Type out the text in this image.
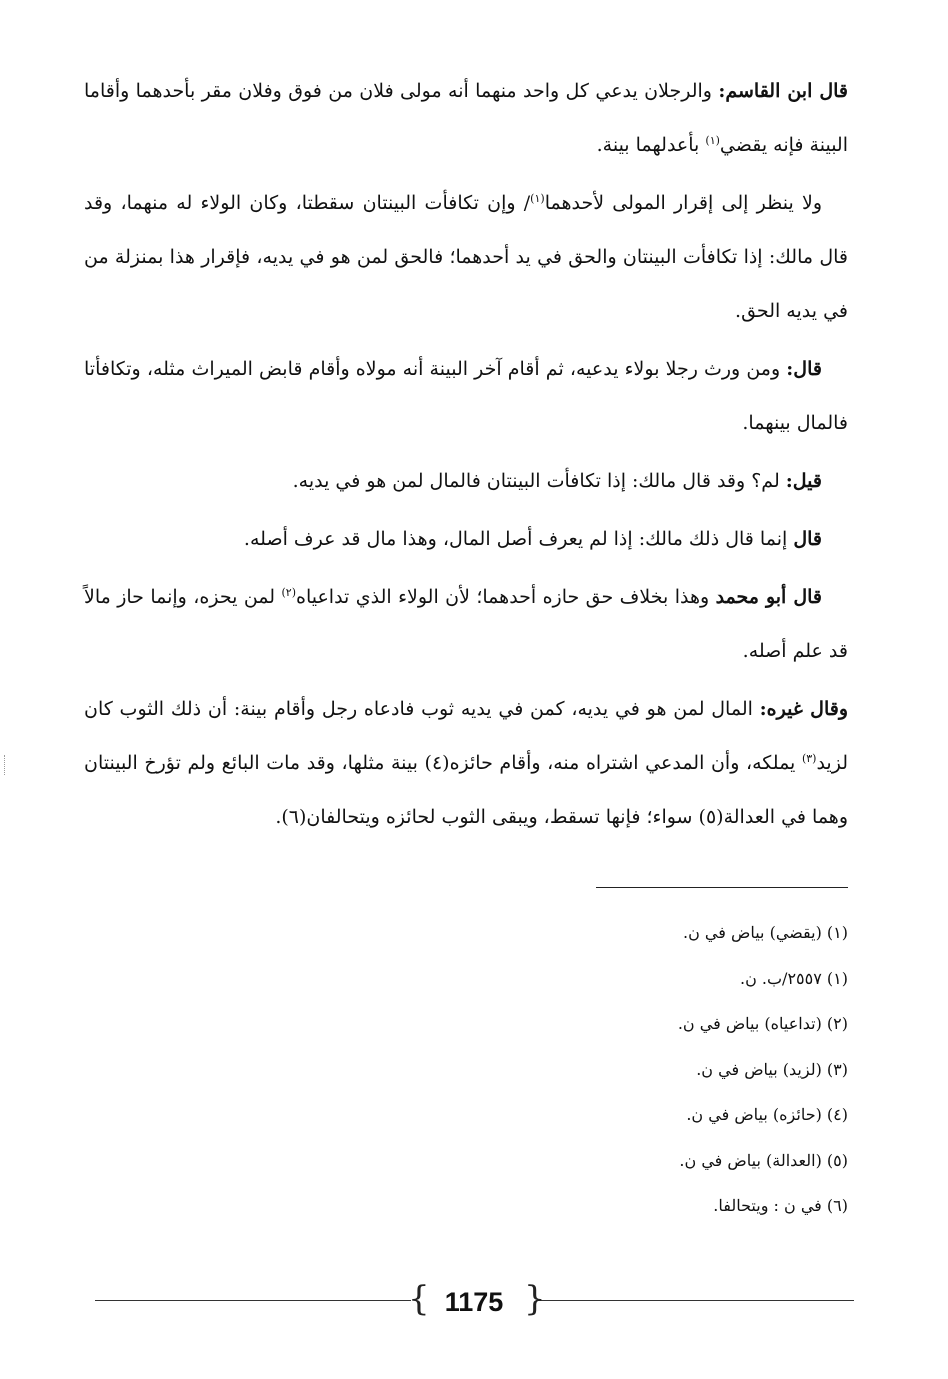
قال ابن القاسم: والرجلان يدعي كل واحد منهما أنه مولى فلان من فوق وفلان مقر بأحدهما وأقاما البينة فإنه يقضي$^{(١)}$ بأعدلهما بينة.

ولا ينظر إلى إقرار المولى لأحدهما$^{(١)}$/ وإن تكافأت البينتان سقطتا، وكان الولاء له منهما، وقد قال مالك: إذا تكافأت البينتان والحق في يد أحدهما؛ فالحق لمن هو في يديه، فإقرار هذا بمنزلة من في يديه الحق.

قال: ومن ورث رجلا بولاء يدعيه، ثم أقام آخر البينة أنه مولاه وأقام قابض الميراث مثله، وتكافأتا فالمال بينهما.

قيل: لم؟ وقد قال مالك: إذا تكافأت البينتان فالمال لمن هو في يديه.

قال إنما قال ذلك مالك: إذا لم يعرف أصل المال، وهذا مال قد عرف أصله.

قال أبو محمد وهذا بخلاف حق حازه أحدهما؛ لأن الولاء الذي تداعياه$^{(٢)}$ لمن يحزه، وإنما حاز مالاً قد علم أصله.

وقال غيره: المال لمن هو في يديه، كمن في يديه ثوب فادعاه رجل وأقام بينة: أن ذلك الثوب كان لزيد$^{(٣)}$ يملكه، وأن المدعي اشتراه منه، وأقام حائزه(٤) بينة مثلها، وقد مات البائع ولم تؤرخ البينتان وهما في العدالة(٥) سواء؛ فإنها تسقط، ويبقى الثوب لحائزه ويتحالفان(٦).

(١) (يقضي) بياض في ن.
(١) ٢٥٥٧/ب. ن.
(٢) (تداعياه) بياض في ن.
(٣) (لزيد) بياض في ن.
(٤) (حائزه) بياض في ن.
(٥) (العدالة) بياض في ن.
(٦) في ن : ويتحالفا.
{	}
1175
